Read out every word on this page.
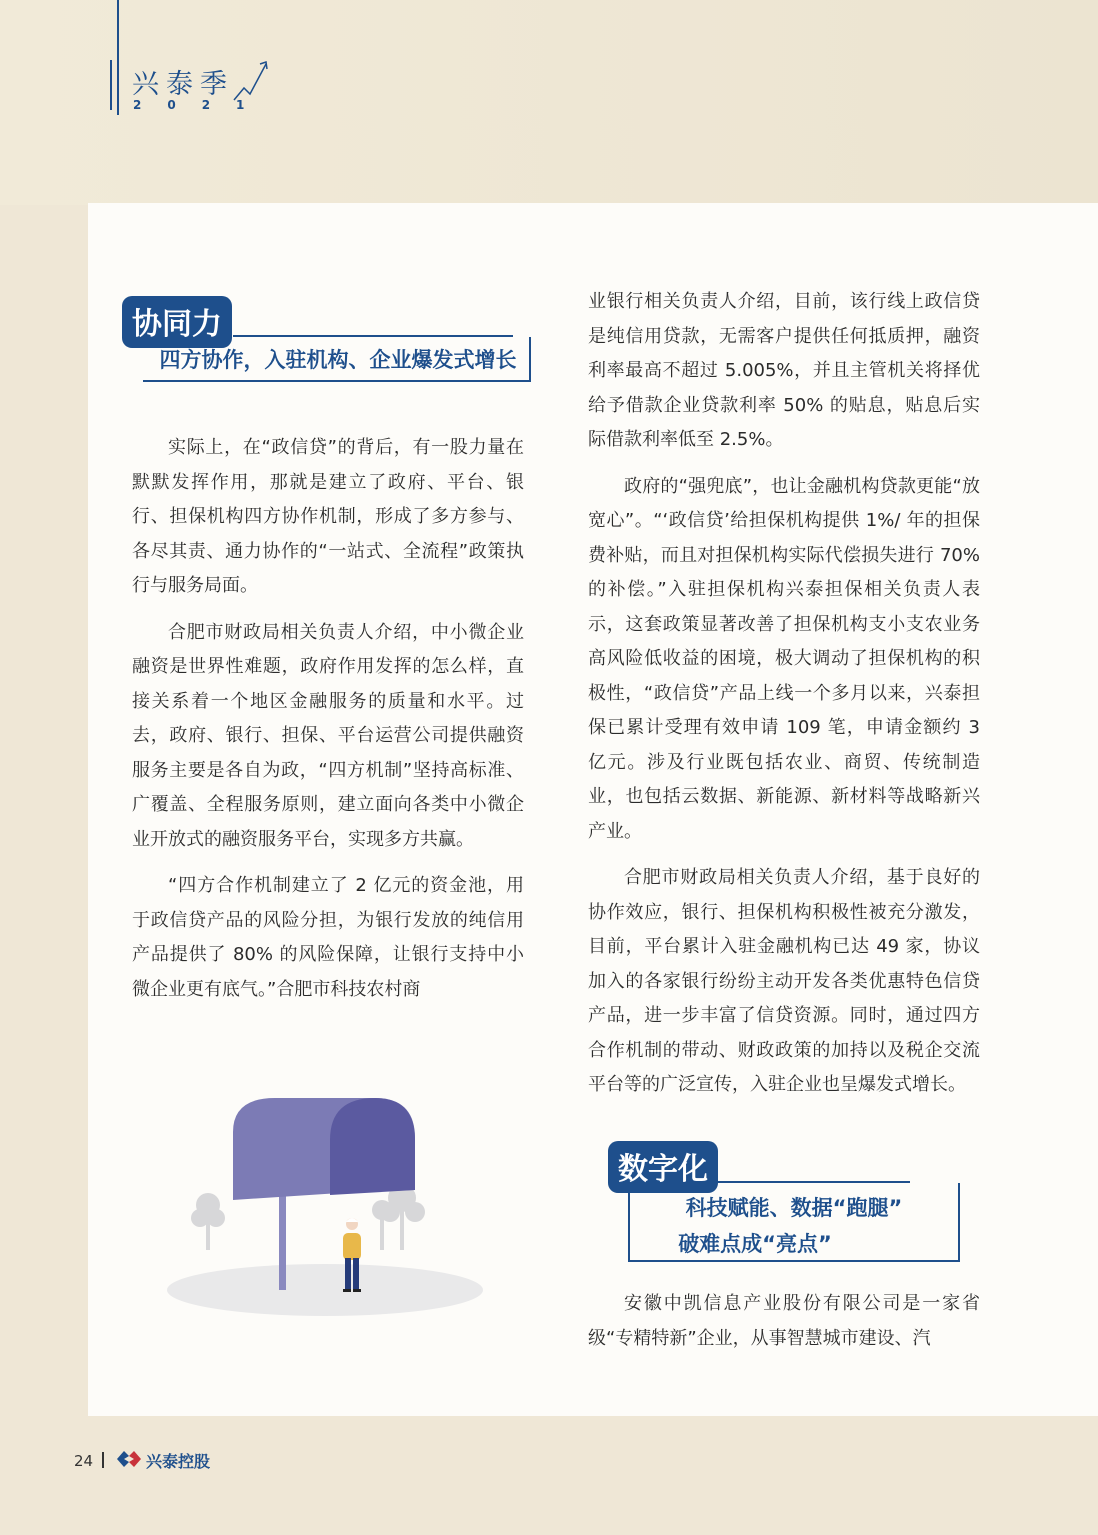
兴泰季
2021
协同力
四方协作，入驻机构、企业爆发式增长

实际上，在“政信贷”的背后，有一股力量在默默发挥作用，那就是建立了政府、平台、银行、担保机构四方协作机制，形成了多方参与、各尽其责、通力协作的“一站式、全流程”政策执行与服务局面。

合肥市财政局相关负责人介绍，中小微企业融资是世界性难题，政府作用发挥的怎么样，直接关系着一个地区金融服务的质量和水平。过去，政府、银行、担保、平台运营公司提供融资服务主要是各自为政，“四方机制”坚持高标准、广覆盖、全程服务原则，建立面向各类中小微企业开放式的融资服务平台，实现多方共赢。

“四方合作机制建立了 2 亿元的资金池，用于政信贷产品的风险分担，为银行发放的纯信用产品提供了 80% 的风险保障，让银行支持中小微企业更有底气。”合肥市科技农村商

业银行相关负责人介绍，目前，该行线上政信贷是纯信用贷款，无需客户提供任何抵质押，融资利率最高不超过 5.005%，并且主管机关将择优给予借款企业贷款利率 50% 的贴息，贴息后实际借款利率低至 2.5%。

政府的“强兜底”，也让金融机构贷款更能“放宽心”。“‘政信贷’给担保机构提供 1%/ 年的担保费补贴，而且对担保机构实际代偿损失进行 70% 的补偿。”入驻担保机构兴泰担保相关负责人表示，这套政策显著改善了担保机构支小支农业务高风险低收益的困境，极大调动了担保机构的积极性，“政信贷”产品上线一个多月以来，兴泰担保已累计受理有效申请 109 笔，申请金额约 3 亿元。涉及行业既包括农业、商贸、传统制造业，也包括云数据、新能源、新材料等战略新兴产业。

合肥市财政局相关负责人介绍，基于良好的协作效应，银行、担保机构积极性被充分激发，目前，平台累计入驻金融机构已达 49 家，协议加入的各家银行纷纷主动开发各类优惠特色信贷产品，进一步丰富了信贷资源。同时，通过四方合作机制的带动、财政政策的加持以及税企交流平台等的广泛宣传，入驻企业也呈爆发式增长。

数字化
科技赋能、数据“跑腿”
破难点成“亮点”

安徽中凯信息产业股份有限公司是一家省级“专精特新”企业，从事智慧城市建设、汽

24	兴泰控股
